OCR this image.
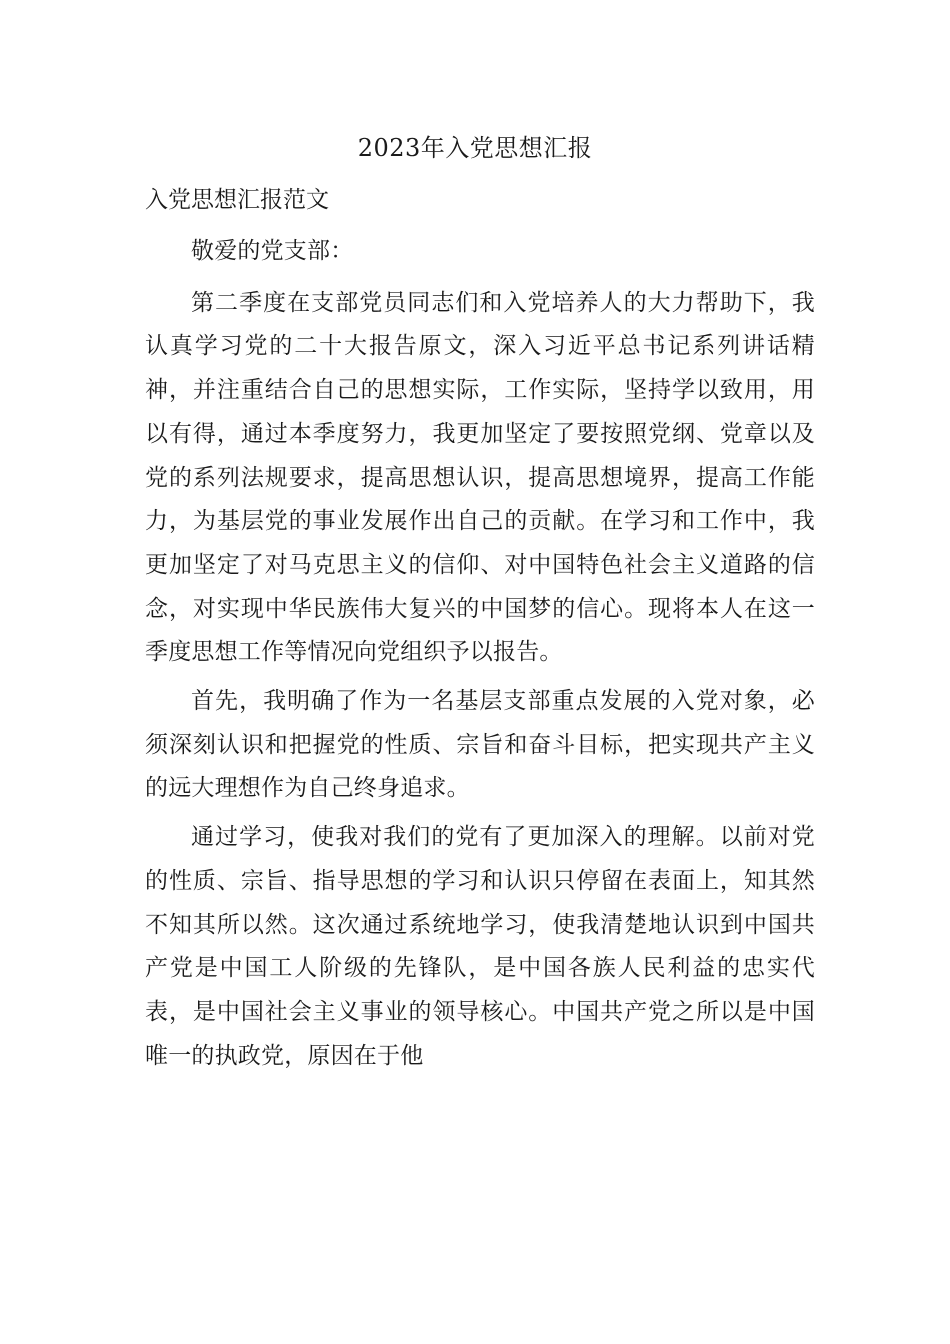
2023年入党思想汇报
入党思想汇报范文

敬爱的党支部：

第二季度在支部党员同志们和入党培养人的大力帮助下，我认真学习党的二十大报告原文，深入习近平总书记系列讲话精神，并注重结合自己的思想实际，工作实际，坚持学以致用，用以有得，通过本季度努力，我更加坚定了要按照党纲、党章以及党的系列法规要求，提高思想认识，提高思想境界，提高工作能力，为基层党的事业发展作出自己的贡献。在学习和工作中，我更加坚定了对马克思主义的信仰、对中国特色社会主义道路的信念，对实现中华民族伟大复兴的中国梦的信心。现将本人在这一季度思想工作等情况向党组织予以报告。

首先，我明确了作为一名基层支部重点发展的入党对象，必须深刻认识和把握党的性质、宗旨和奋斗目标，把实现共产主义的远大理想作为自己终身追求。

通过学习，使我对我们的党有了更加深入的理解。以前对党的性质、宗旨、指导思想的学习和认识只停留在表面上，知其然不知其所以然。这次通过系统地学习，使我清楚地认识到中国共产党是中国工人阶级的先锋队，是中国各族人民利益的忠实代表，是中国社会主义事业的领导核心。中国共产党之所以是中国唯一的执政党，原因在于他
